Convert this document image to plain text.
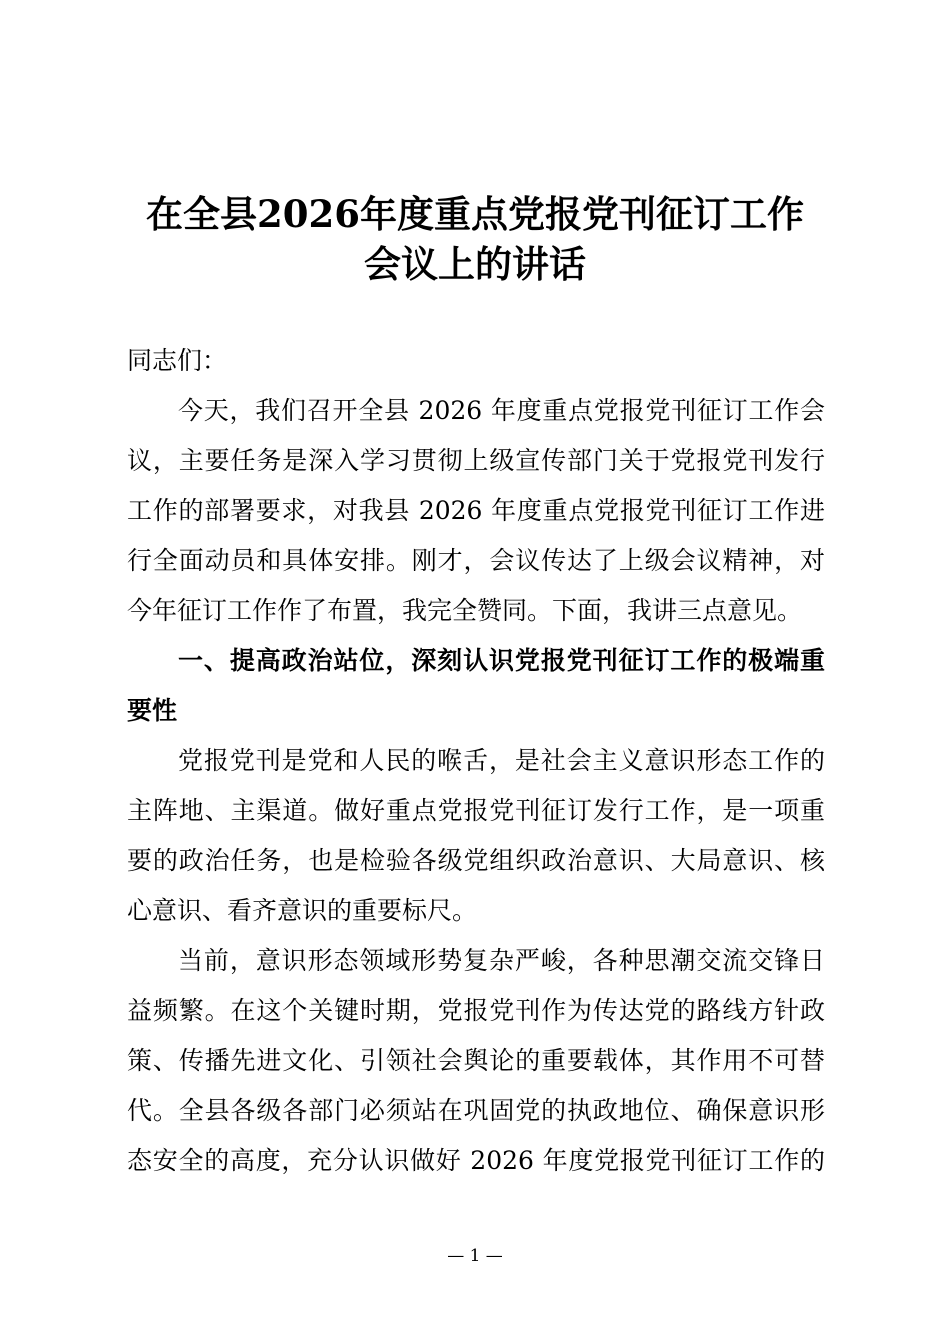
在全县2026年度重点党报党刊征订工作
会议上的讲话

同志们：

今天，我们召开全县 2026 年度重点党报党刊征订工作会

议，主要任务是深入学习贯彻上级宣传部门关于党报党刊发行

工作的部署要求，对我县 2026 年度重点党报党刊征订工作进

行全面动员和具体安排。刚才，会议传达了上级会议精神，对

今年征订工作作了布置，我完全赞同。下面，我讲三点意见。

一、提高政治站位，深刻认识党报党刊征订工作的极端重

要性

党报党刊是党和人民的喉舌，是社会主义意识形态工作的

主阵地、主渠道。做好重点党报党刊征订发行工作，是一项重

要的政治任务，也是检验各级党组织政治意识、大局意识、核

心意识、看齐意识的重要标尺。

当前，意识形态领域形势复杂严峻，各种思潮交流交锋日

益频繁。在这个关键时期，党报党刊作为传达党的路线方针政

策、传播先进文化、引领社会舆论的重要载体，其作用不可替

代。全县各级各部门必须站在巩固党的执政地位、确保意识形

态安全的高度，充分认识做好 2026 年度党报党刊征订工作的

— 1 —
